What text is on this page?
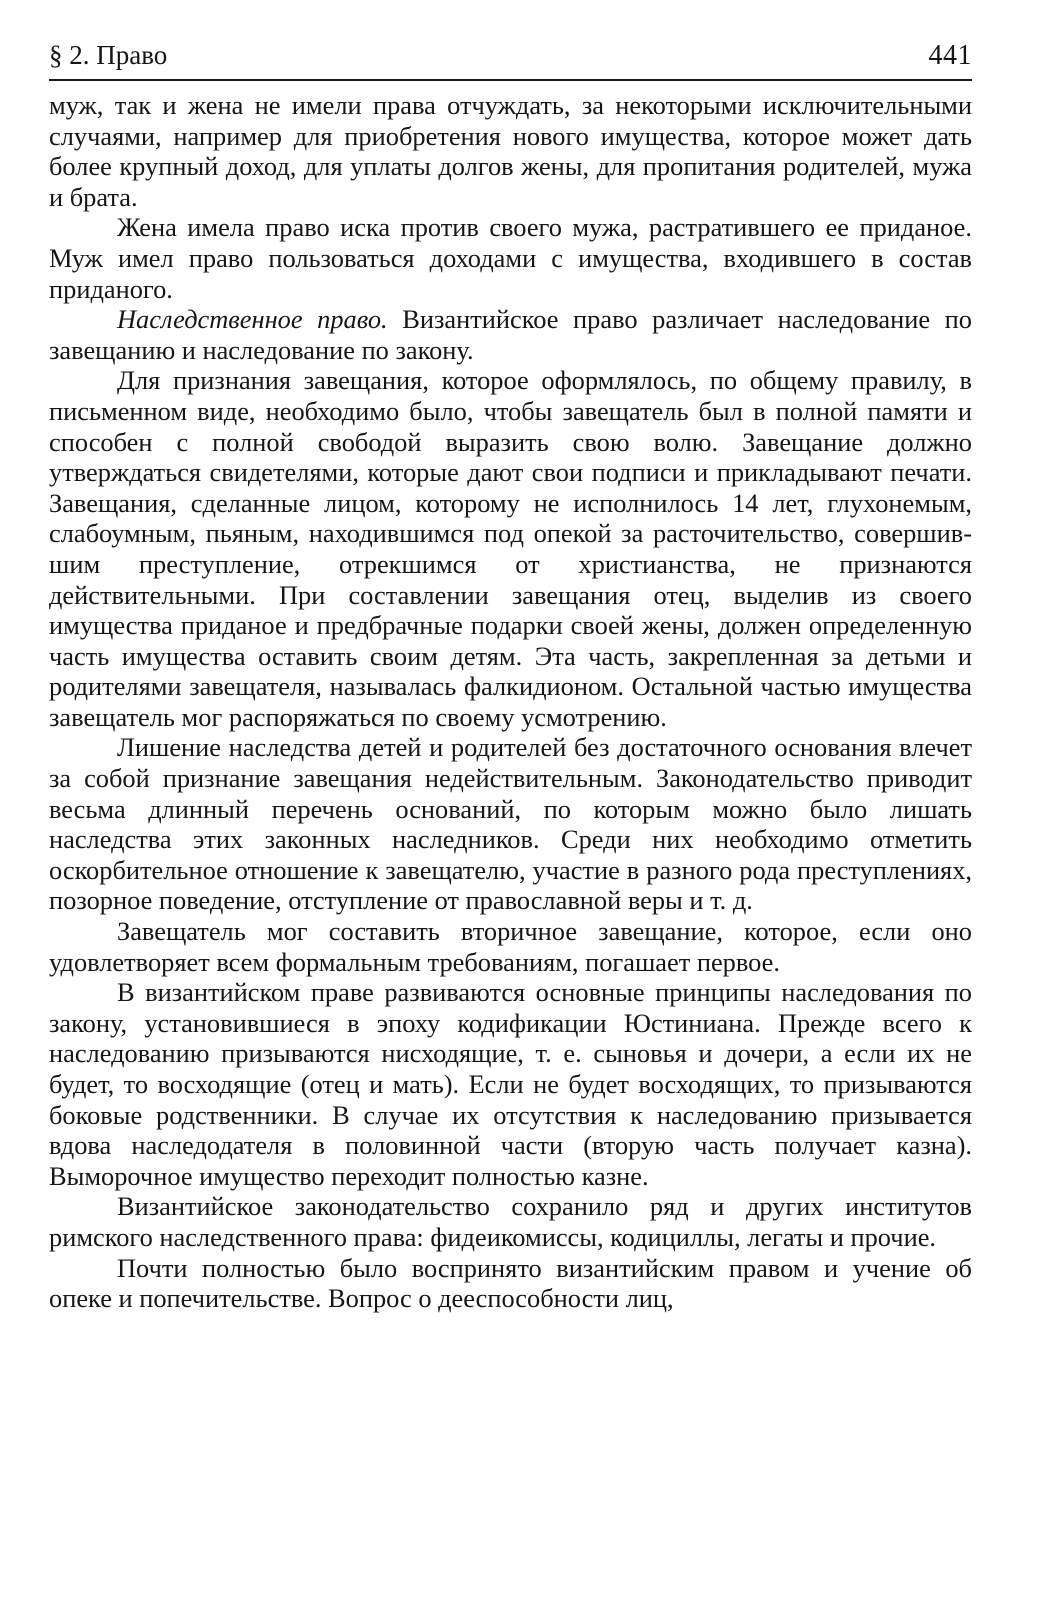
§ 2. Право	441

муж, так и жена не имели права отчуждать, за некоторыми исключительными случаями, например для приобретения нового имущества, которое может дать более крупный доход, для уплаты долгов жены, для пропитания родителей, мужа и брата.

Жена имела право иска против своего мужа, растратившего ее приданое. Муж имел право пользоваться доходами с имущества, входившего в состав приданого.

Наследственное право. Византийское право различает наследование по завещанию и наследование по закону.

Для признания завещания, которое оформлялось, по общему правилу, в письменном виде, необходимо было, чтобы завещатель был в полной памяти и способен с полной свободой выразить свою волю. Завещание должно утверждаться свидетелями, которые дают свои подписи и прикладывают печати. Завещания, сделанные лицом, которому не исполнилось 14 лет, глухонемым, слабоумным, пьяным, находившимся под опекой за расточительство, совершившим преступление, отрекшимся от христианства, не признаются действительными. При составлении завещания отец, выделив из своего имущества приданое и предбрачные подарки своей жены, должен определенную часть имущества оставить своим детям. Эта часть, закрепленная за детьми и родителями завещателя, называлась фалкидионом. Остальной частью имущества завещатель мог распоряжаться по своему усмотрению.

Лишение наследства детей и родителей без достаточного основания влечет за собой признание завещания недействительным. Законодательство приводит весьма длинный перечень оснований, по которым можно было лишать наследства этих законных наследников. Среди них необходимо отметить оскорбительное отношение к завещателю, участие в разного рода преступлениях, позорное поведение, отступление от православной веры и т. д.

Завещатель мог составить вторичное завещание, которое, если оно удовлетворяет всем формальным требованиям, погашает первое.

В византийском праве развиваются основные принципы наследования по закону, установившиеся в эпоху кодификации Юстиниана. Прежде всего к наследованию призываются нисходящие, т. е. сыновья и дочери, а если их не будет, то восходящие (отец и мать). Если не будет восходящих, то призываются боковые родственники. В случае их отсутствия к наследованию призывается вдова наследодателя в половинной части (вторую часть получает казна). Выморочное имущество переходит полностью казне.

Византийское законодательство сохранило ряд и других институтов римского наследственного права: фидеикомиссы, кодициллы, легаты и прочие.

Почти полностью было воспринято византийским правом и учение об опеке и попечительстве. Вопрос о дееспособности лиц,
